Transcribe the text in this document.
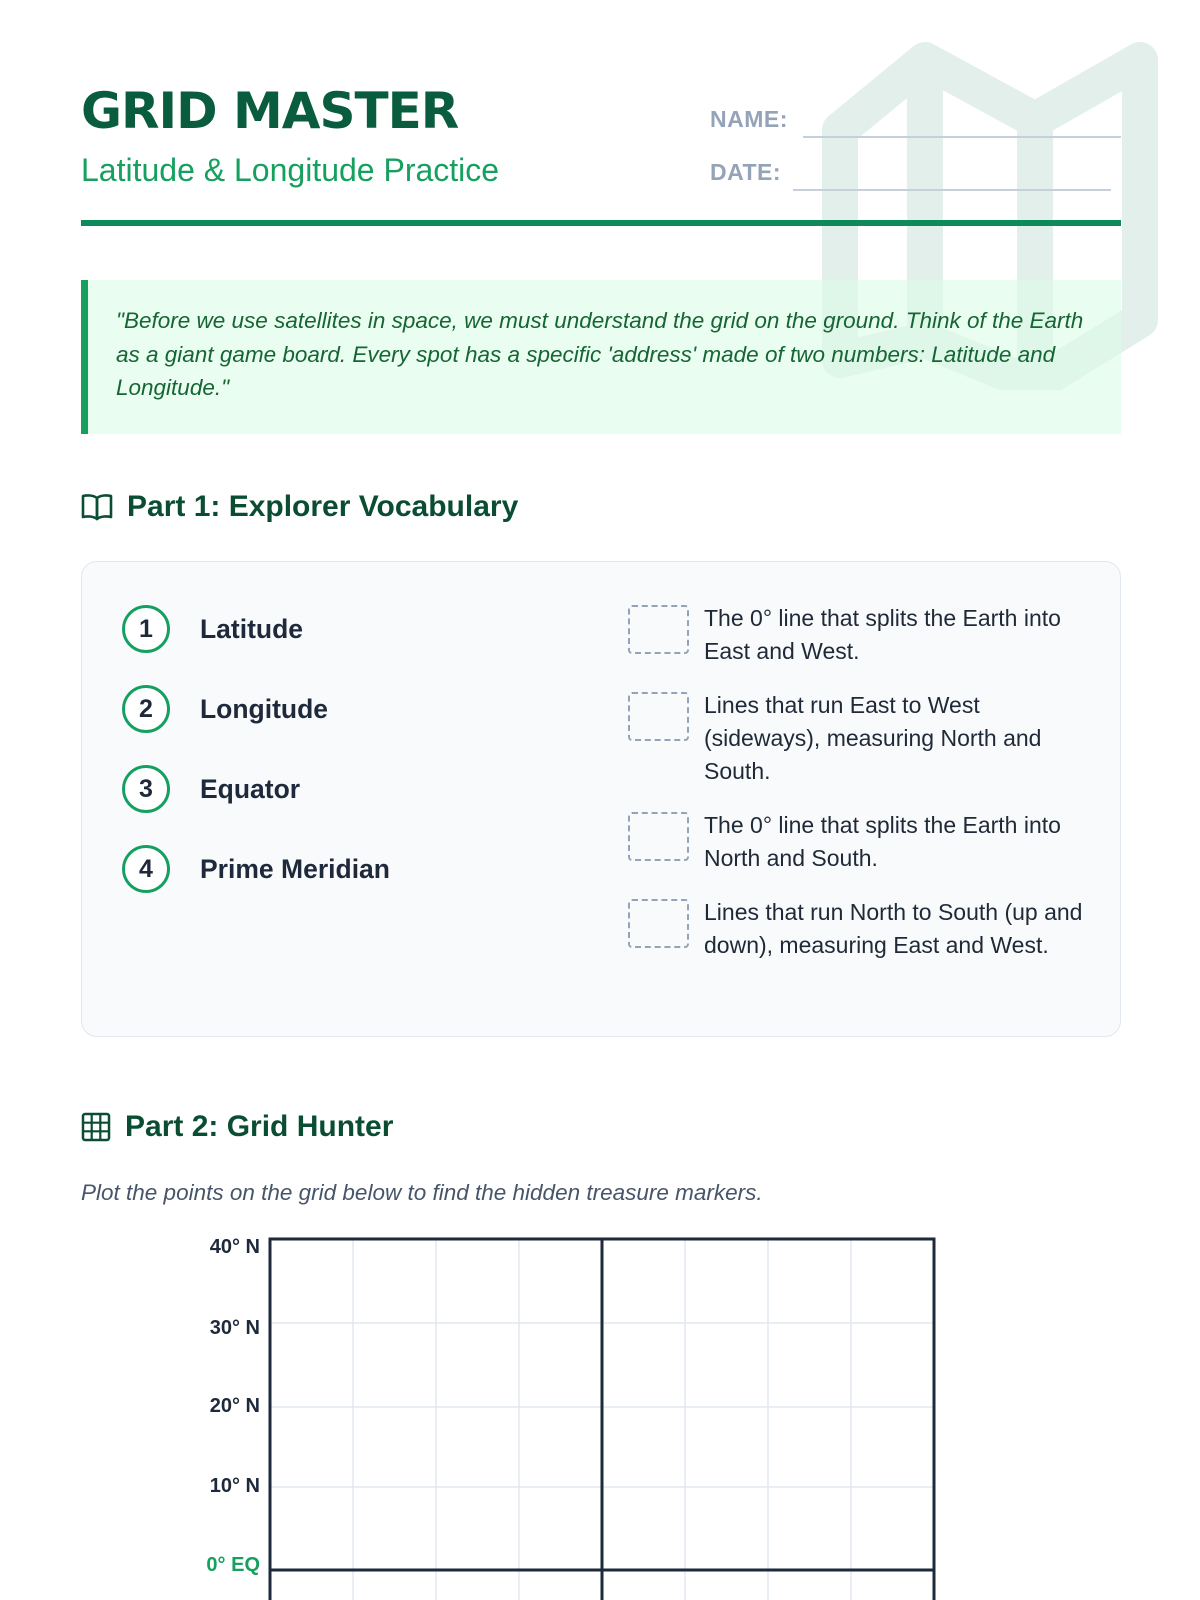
GRID MASTER

Latitude & Longitude Practice

NAME:
DATE:

"Before we use satellites in space, we must understand the grid on the ground. Think of the Earth as a giant game board. Every spot has a specific 'address' made of two numbers: Latitude and Longitude."

Part 1: Explorer Vocabulary
1	Latitude
2	Longitude
3	Equator
4	Prime Meridian
The 0° line that splits the Earth into East and West.
Lines that run East to West (sideways), measuring North and South.
The 0° line that splits the Earth into North and South.
Lines that run North to South (up and down), measuring East and West.
Part 2: Grid Hunter

Plot the points on the grid below to find the hidden treasure markers.

40° N
30° N
20° N
10° N
0° EQ
